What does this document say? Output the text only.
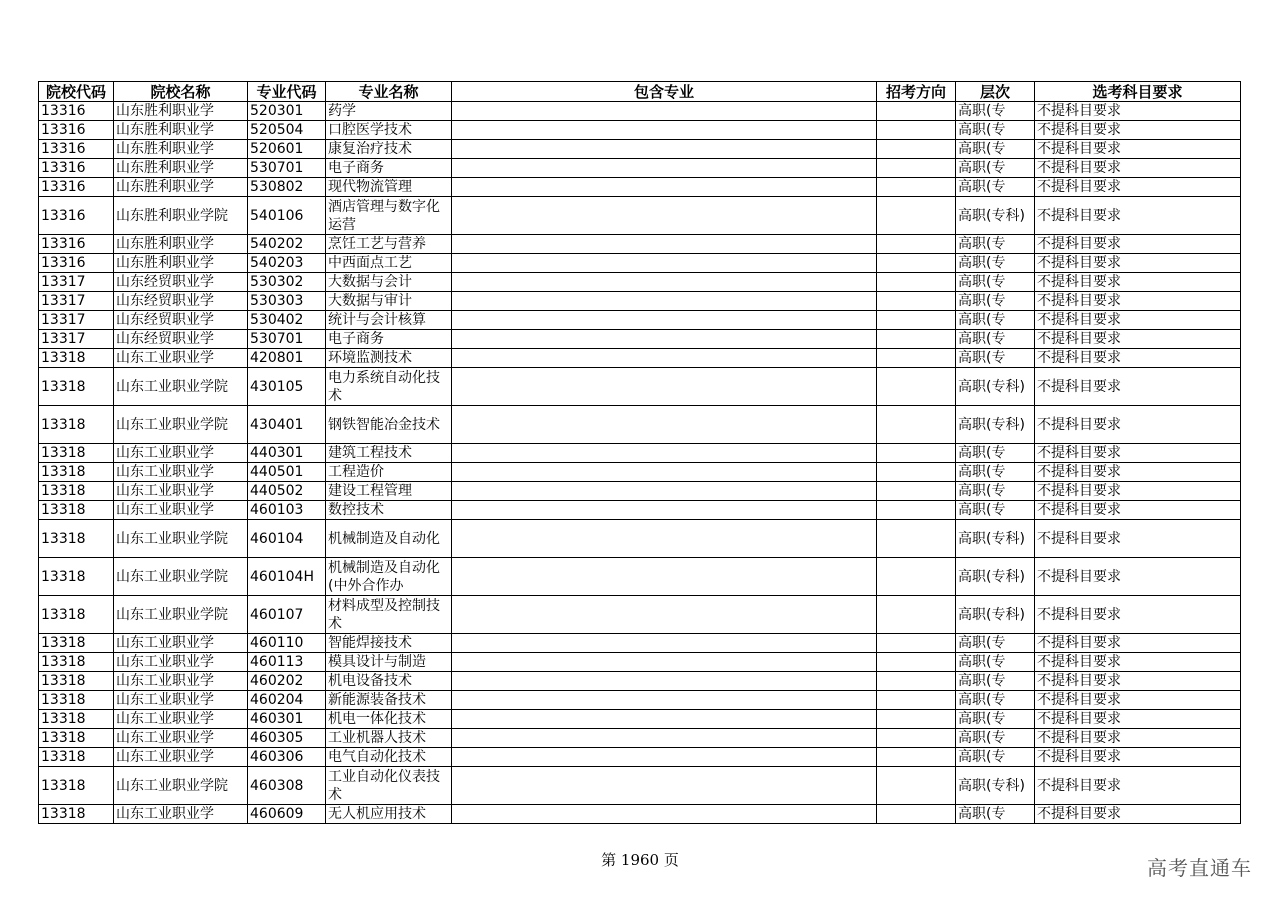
院校代码	院校名称	专业代码	专业名称	包含专业	招考方向	层次	选考科目要求
13316	山东胜利职业学	520301	药学			高职(专	不提科目要求
13316	山东胜利职业学	520504	口腔医学技术			高职(专	不提科目要求
13316	山东胜利职业学	520601	康复治疗技术			高职(专	不提科目要求
13316	山东胜利职业学	530701	电子商务			高职(专	不提科目要求
13316	山东胜利职业学	530802	现代物流管理			高职(专	不提科目要求
13316	山东胜利职业学院	540106	酒店管理与数字化运营			高职(专科)	不提科目要求
13316	山东胜利职业学	540202	烹饪工艺与营养			高职(专	不提科目要求
13316	山东胜利职业学	540203	中西面点工艺			高职(专	不提科目要求
13317	山东经贸职业学	530302	大数据与会计			高职(专	不提科目要求
13317	山东经贸职业学	530303	大数据与审计			高职(专	不提科目要求
13317	山东经贸职业学	530402	统计与会计核算			高职(专	不提科目要求
13317	山东经贸职业学	530701	电子商务			高职(专	不提科目要求
13318	山东工业职业学	420801	环境监测技术			高职(专	不提科目要求
13318	山东工业职业学院	430105	电力系统自动化技术			高职(专科)	不提科目要求
13318	山东工业职业学院	430401	钢铁智能冶金技术			高职(专科)	不提科目要求
13318	山东工业职业学	440301	建筑工程技术			高职(专	不提科目要求
13318	山东工业职业学	440501	工程造价			高职(专	不提科目要求
13318	山东工业职业学	440502	建设工程管理			高职(专	不提科目要求
13318	山东工业职业学	460103	数控技术			高职(专	不提科目要求
13318	山东工业职业学院	460104	机械制造及自动化			高职(专科)	不提科目要求
13318	山东工业职业学院	460104H	机械制造及自动化(中外合作办			高职(专科)	不提科目要求
13318	山东工业职业学院	460107	材料成型及控制技术			高职(专科)	不提科目要求
13318	山东工业职业学	460110	智能焊接技术			高职(专	不提科目要求
13318	山东工业职业学	460113	模具设计与制造			高职(专	不提科目要求
13318	山东工业职业学	460202	机电设备技术			高职(专	不提科目要求
13318	山东工业职业学	460204	新能源装备技术			高职(专	不提科目要求
13318	山东工业职业学	460301	机电一体化技术			高职(专	不提科目要求
13318	山东工业职业学	460305	工业机器人技术			高职(专	不提科目要求
13318	山东工业职业学	460306	电气自动化技术			高职(专	不提科目要求
13318	山东工业职业学院	460308	工业自动化仪表技术			高职(专科)	不提科目要求
13318	山东工业职业学	460609	无人机应用技术			高职(专	不提科目要求
第 1960 页	高考直通车
